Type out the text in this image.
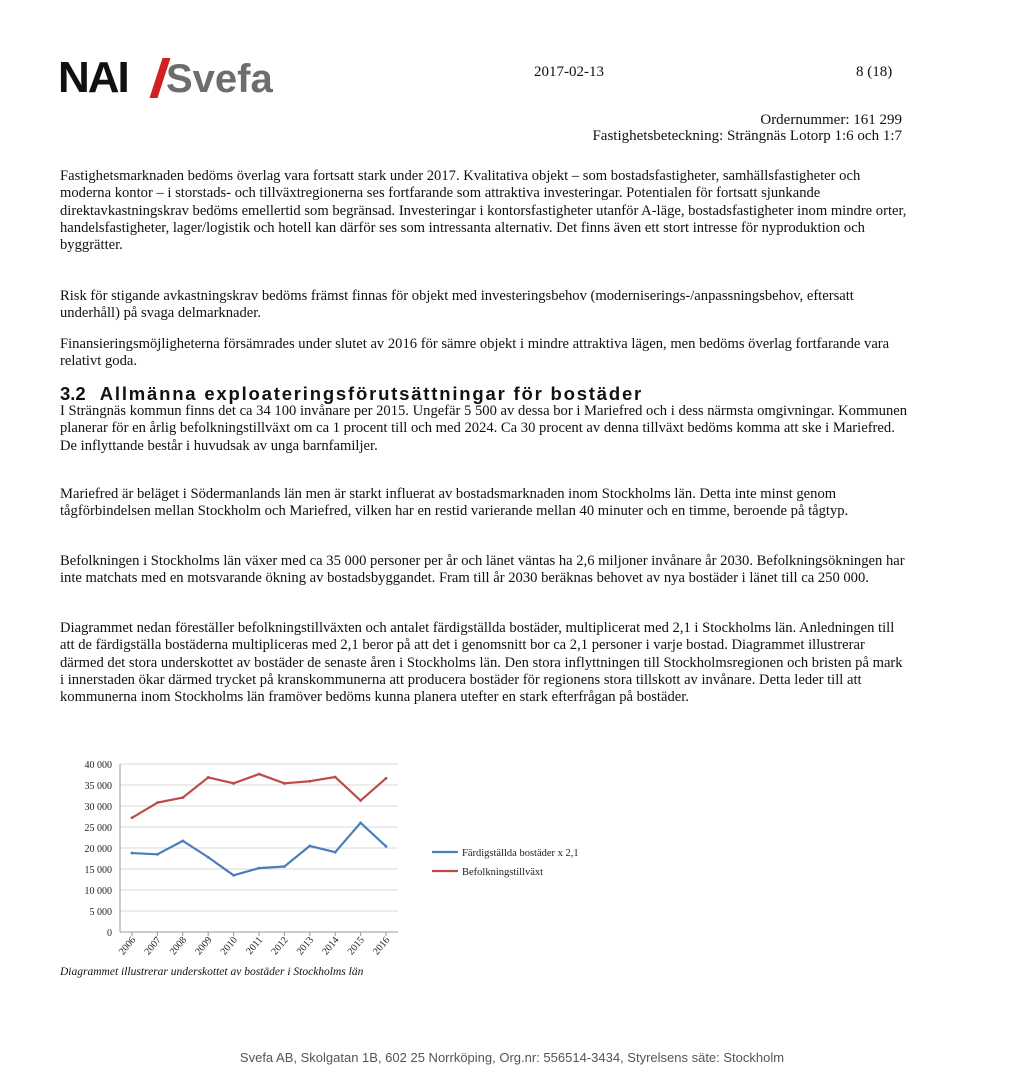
NAI Svefa	2017-02-13	8 (18)
Ordernummer: 161 299
Fastighetsbeteckning: Strängnäs Lotorp 1:6 och 1:7
Fastighetsmarknaden bedöms överlag vara fortsatt stark under 2017. Kvalitativa objekt – som bostadsfastigheter, samhällsfastigheter och moderna kontor – i storstads- och tillväxtregionerna ses fortfarande som attraktiva investeringar. Potentialen för fortsatt sjunkande direktavkastningskrav bedöms emellertid som begränsad. Investeringar i kontorsfastigheter utanför A-läge, bostadsfastigheter inom mindre orter, handelsfastigheter, lager/logistik och hotell kan därför ses som intressanta alternativ. Det finns även ett stort intresse för nyproduktion och byggrätter.
Risk för stigande avkastningskrav bedöms främst finnas för objekt med investeringsbehov (moderniserings-/anpassningsbehov, eftersatt underhåll) på svaga delmarknader.
Finansieringsmöjligheterna försämrades under slutet av 2016 för sämre objekt i mindre attraktiva lägen, men bedöms överlag fortfarande vara relativt goda.
3.2 Allmänna exploateringsförutsättningar för bostäder
I Strängnäs kommun finns det ca 34 100 invånare per 2015. Ungefär 5 500 av dessa bor i Mariefred och i dess närmsta omgivningar. Kommunen planerar för en årlig befolkningstillväxt om ca 1 procent till och med 2024. Ca 30 procent av denna tillväxt bedöms komma att ske i Mariefred. De inflyttande består i huvudsak av unga barnfamiljer.
Mariefred är beläget i Södermanlands län men är starkt influerat av bostadsmarknaden inom Stockholms län. Detta inte minst genom tågförbindelsen mellan Stockholm och Mariefred, vilken har en restid varierande mellan 40 minuter och en timme, beroende på tågtyp.
Befolkningen i Stockholms län växer med ca 35 000 personer per år och länet väntas ha 2,6 miljoner invånare år 2030. Befolkningsökningen har inte matchats med en motsvarande ökning av bostadsbyggandet. Fram till år 2030 beräknas behovet av nya bostäder i länet till ca 250 000.
Diagrammet nedan föreställer befolkningstillväxten och antalet färdigställda bostäder, multiplicerat med 2,1 i Stockholms län. Anledningen till att de färdigställa bostäderna multipliceras med 2,1 beror på att det i genomsnitt bor ca 2,1 personer i varje bostad. Diagrammet illustrerar därmed det stora underskottet av bostäder de senaste åren i Stockholms län. Den stora inflyttningen till Stockholmsregionen och bristen på mark i innerstaden ökar därmed trycket på kranskommunerna att producera bostäder för regionens stora tillskott av invånare. Detta leder till att kommunerna inom Stockholms län framöver bedöms kunna planera utefter en stark efterfrågan på bostäder.
0
5 000
10 000
15 000
20 000
25 000
30 000
35 000
40 000
2006 2007 2008 2009 2010 2011 2012 2013 2014 2015 2016
Färdigställda bostäder x 2,1
Befolkningstillväxt
Diagrammet illustrerar underskottet av bostäder i Stockholms län
Svefa AB, Skolgatan 1B, 602 25 Norrköping, Org.nr: 556514-3434, Styrelsens säte: Stockholm
